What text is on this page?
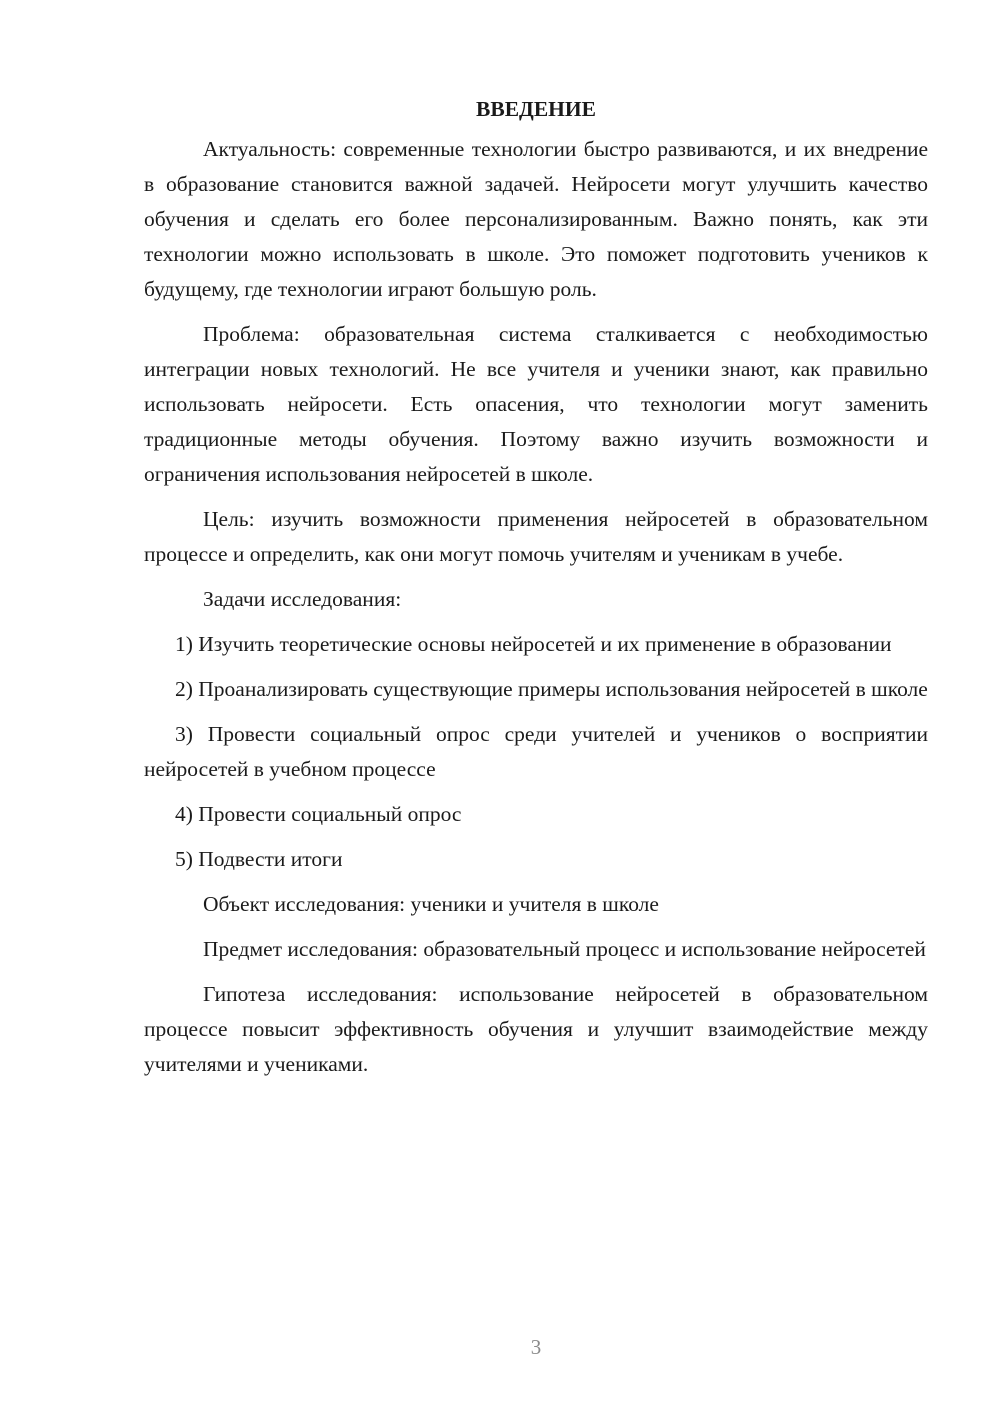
ВВЕДЕНИЕ

Актуальность: современные технологии быстро развиваются, и их внедрение в образование становится важной задачей. Нейросети могут улучшить качество обучения и сделать его более персонализированным. Важно понять, как эти технологии можно использовать в школе. Это поможет подготовить учеников к будущему, где технологии играют большую роль.

Проблема: образовательная система сталкивается с необходимостью интеграции новых технологий. Не все учителя и ученики знают, как правильно использовать нейросети. Есть опасения, что технологии могут заменить традиционные методы обучения. Поэтому важно изучить возможности и ограничения использования нейросетей в школе.

Цель: изучить возможности применения нейросетей в образовательном процессе и определить, как они могут помочь учителям и ученикам в учебе.

Задачи исследования:

1) Изучить теоретические основы нейросетей и их применение в образовании

2) Проанализировать существующие примеры использования нейросетей в школе

3) Провести социальный опрос среди учителей и учеников о восприятии нейросетей в учебном процессе

4) Провести социальный опрос

5) Подвести итоги

Объект исследования: ученики и учителя в школе

Предмет исследования: образовательный процесс и использование нейросетей

Гипотеза исследования: использование нейросетей в образовательном процессе повысит эффективность обучения и улучшит взаимодействие между учителями и учениками.

3
